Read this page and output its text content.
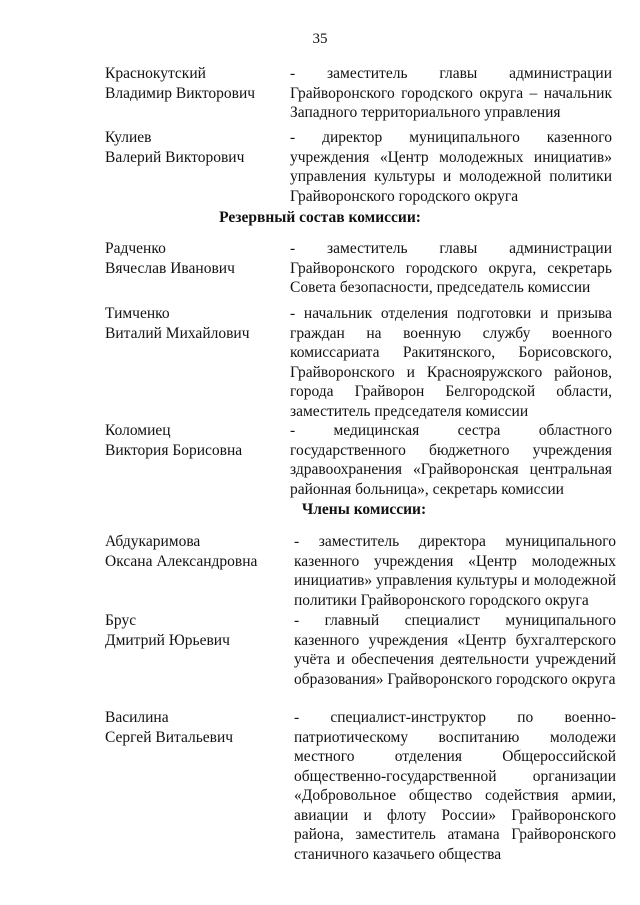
35
Краснокутский
Владимир Викторович
- заместитель главы администрации Грайворонского городского округа – начальник Западного территориального управления
Кулиев
Валерий Викторович
- директор муниципального казенного учреждения «Центр молодежных инициатив» управления культуры и молодежной политики Грайворонского городского округа
Резервный состав комиссии:
Радченко
Вячеслав Иванович
- заместитель главы администрации Грайворонского городского округа, секретарь Совета безопасности, председатель комиссии
Тимченко
Виталий Михайлович
- начальник отделения подготовки и призыва граждан на военную службу военного комиссариата Ракитянского, Борисовского, Грайворонского и Краснояружского районов, города Грайворон Белгородской области, заместитель председателя комиссии
Коломиец
Виктория Борисовна
- медицинская сестра областного государственного бюджетного учреждения здравоохранения «Грайворонская центральная районная больница», секретарь комиссии
Члены комиссии:
Абдукаримова
Оксана Александровна
- заместитель директора муниципального казенного учреждения «Центр молодежных инициатив» управления культуры и молодежной политики Грайворонского городского округа
Брус
Дмитрий Юрьевич
- главный специалист муниципального казенного учреждения «Центр бухгалтерского учёта и обеспечения деятельности учреждений образования» Грайворонского городского округа
Василина
Сергей Витальевич
- специалист-инструктор по военно-патриотическому воспитанию молодежи местного отделения Общероссийской общественно-государственной организации «Добровольное общество содействия армии, авиации и флоту России» Грайворонского района, заместитель атамана Грайворонского станичного казачьего общества
